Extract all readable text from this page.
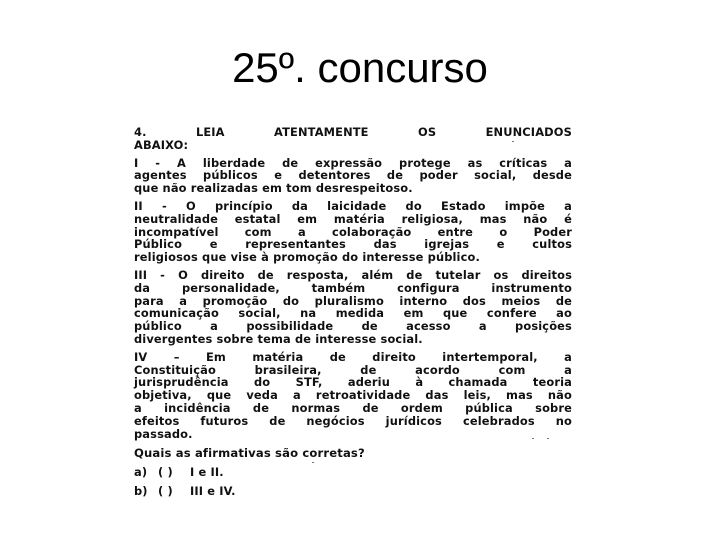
25º. concurso
4.	LEIA	ATENTAMENTE	OS	ENUNCIADOS
ABAIXO:
I - A liberdade de expressão protege as críticas a
agentes públicos e detentores de poder social, desde
que não realizadas em tom desrespeitoso.
II - O princípio da laicidade do Estado impõe a
neutralidade estatal em matéria religiosa, mas não é
incompatível com a colaboração entre o Poder
Público e representantes das igrejas e cultos
religiosos que vise à promoção do interesse público.
III - O direito de resposta, além de tutelar os direitos
da personalidade, também configura instrumento
para a promoção do pluralismo interno dos meios de
comunicação social, na medida em que confere ao
público a possibilidade de acesso a posições
divergentes sobre tema de interesse social.
IV – Em matéria de direito intertemporal, a
Constituição brasileira, de acordo com a
jurisprudência do STF, aderiu à chamada teoria
objetiva, que veda a retroatividade das leis, mas não
a incidência de normas de ordem pública sobre
efeitos futuros de negócios jurídicos celebrados no
passado.
Quais as afirmativas são corretas?
a) ( )	I e II.
b) ( )	III e IV.
